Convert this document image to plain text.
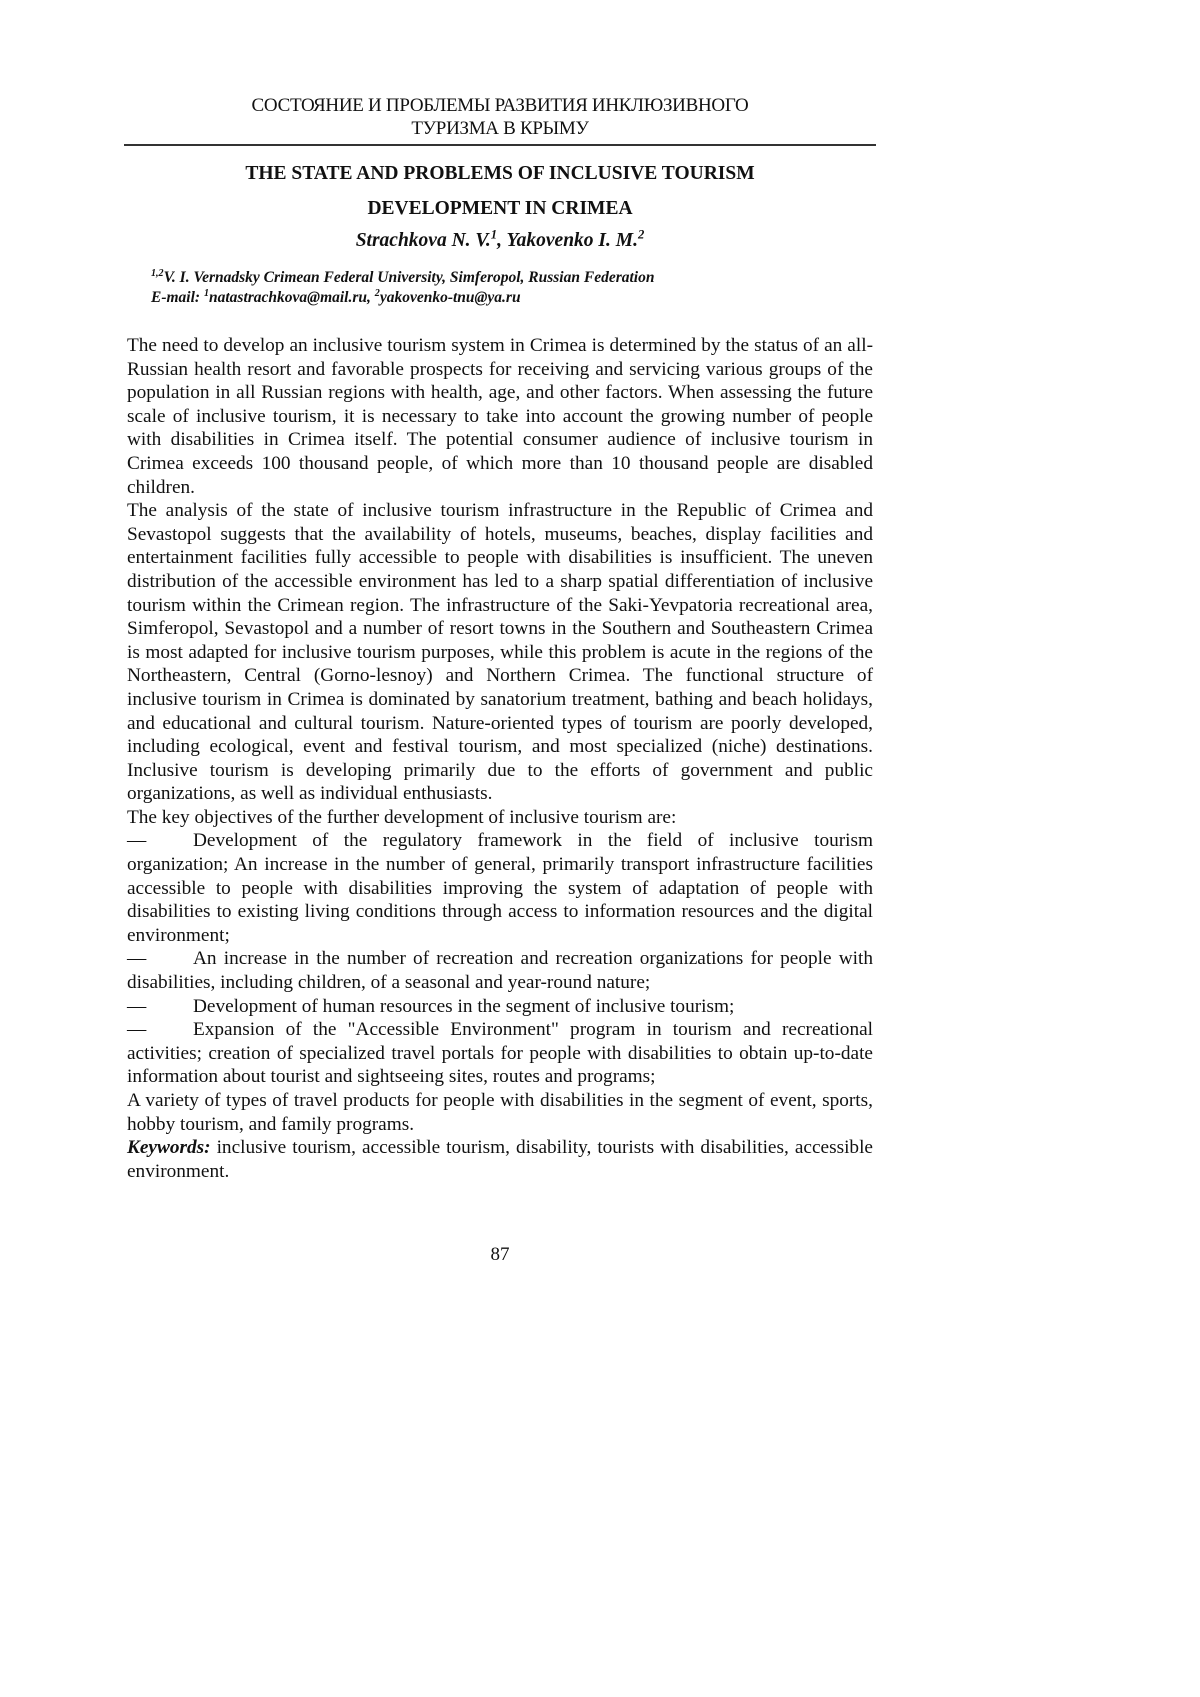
СОСТОЯНИЕ И ПРОБЛЕМЫ РАЗВИТИЯ ИНКЛЮЗИВНОГО
ТУРИЗМА В КРЫМУ
THE STATE AND PROBLEMS OF INCLUSIVE TOURISM
DEVELOPMENT IN CRIMEA
Strachkova N. V.1, Yakovenko I. M.2
1,2V. I. Vernadsky Crimean Federal University, Simferopol, Russian Federation
E-mail: 1natastrachkova@mail.ru, 2yakovenko-tnu@ya.ru

The need to develop an inclusive tourism system in Crimea is determined by the status of an all-Russian health resort and favorable prospects for receiving and servicing various groups of the population in all Russian regions with health, age, and other factors. When assessing the future scale of inclusive tourism, it is necessary to take into account the growing number of people with disabilities in Crimea itself. The potential consumer audience of inclusive tourism in Crimea exceeds 100 thousand people, of which more than 10 thousand people are disabled children.

The analysis of the state of inclusive tourism infrastructure in the Republic of Crimea and Sevastopol suggests that the availability of hotels, museums, beaches, display facilities and entertainment facilities fully accessible to people with disabilities is insufficient. The uneven distribution of the accessible environment has led to a sharp spatial differentiation of inclusive tourism within the Crimean region. The infrastructure of the Saki-Yevpatoria recreational area, Simferopol, Sevastopol and a number of resort towns in the Southern and Southeastern Crimea is most adapted for inclusive tourism purposes, while this problem is acute in the regions of the Northeastern, Central (Gorno-lesnoy) and Northern Crimea. The functional structure of inclusive tourism in Crimea is dominated by sanatorium treatment, bathing and beach holidays, and educational and cultural tourism. Nature-oriented types of tourism are poorly developed, including ecological, event and festival tourism, and most specialized (niche) destinations. Inclusive tourism is developing primarily due to the efforts of government and public organizations, as well as individual enthusiasts.

The key objectives of the further development of inclusive tourism are:

— Development of the regulatory framework in the field of inclusive tourism organization; An increase in the number of general, primarily transport infrastructure facilities accessible to people with disabilities improving the system of adaptation of people with disabilities to existing living conditions through access to information resources and the digital environment;

— An increase in the number of recreation and recreation organizations for people with disabilities, including children, of a seasonal and year-round nature;

— Development of human resources in the segment of inclusive tourism;

— Expansion of the "Accessible Environment" program in tourism and recreational activities; creation of specialized travel portals for people with disabilities to obtain up-to-date information about tourist and sightseeing sites, routes and programs;

A variety of types of travel products for people with disabilities in the segment of event, sports, hobby tourism, and family programs.

Keywords: inclusive tourism, accessible tourism, disability, tourists with disabilities, accessible environment.

87
